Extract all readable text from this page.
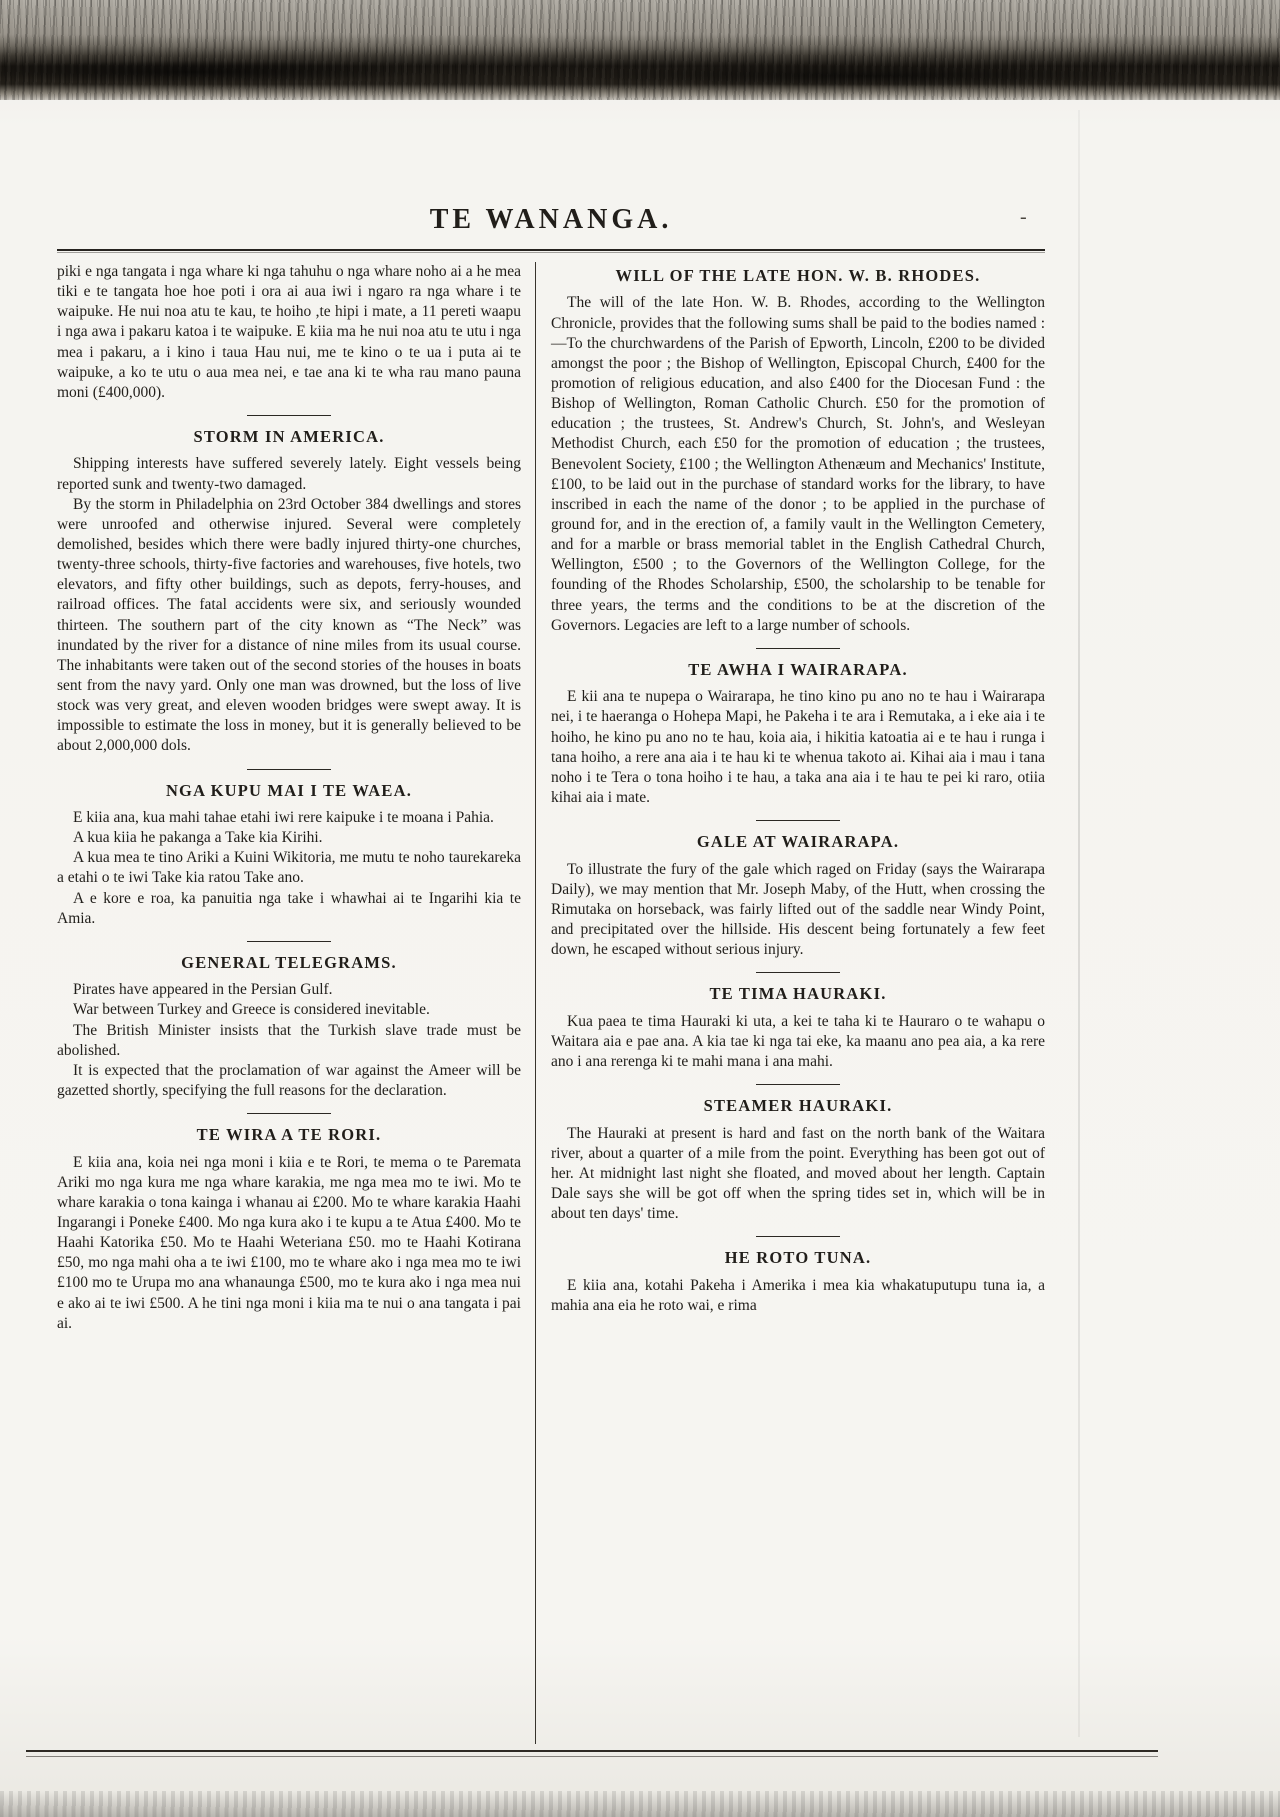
TE WANANGA.	-

piki e nga tangata i nga whare ki nga tahuhu o nga whare noho ai a he mea tiki e te tangata hoe hoe poti i ora ai aua iwi i ngaro ra nga whare i te waipuke. He nui noa atu te kau, te hoiho ,te hipi i mate, a 11 pereti waapu i nga awa i pakaru katoa i te waipuke. E kiia ma he nui noa atu te utu i nga mea i pakaru, a i kino i taua Hau nui, me te kino o te ua i puta ai te waipuke, a ko te utu o aua mea nei, e tae ana ki te wha rau mano pauna moni (£400,000).

STORM IN AMERICA.

Shipping interests have suffered severely lately. Eight vessels being reported sunk and twenty-two damaged.

By the storm in Philadelphia on 23rd October 384 dwellings and stores were unroofed and otherwise injured. Several were completely demolished, besides which there were badly injured thirty-one churches, twenty-three schools, thirty-five factories and warehouses, five hotels, two elevators, and fifty other buildings, such as depots, ferry-houses, and railroad offices. The fatal accidents were six, and seriously wounded thirteen. The southern part of the city known as “The Neck” was inundated by the river for a distance of nine miles from its usual course. The inhabitants were taken out of the second stories of the houses in boats sent from the navy yard. Only one man was drowned, but the loss of live stock was very great, and eleven wooden bridges were swept away. It is impossible to estimate the loss in money, but it is generally believed to be about 2,000,000 dols.

NGA KUPU MAI I TE WAEA.

E kiia ana, kua mahi tahae etahi iwi rere kaipuke i te moana i Pahia.

A kua kiia he pakanga a Take kia Kirihi.

A kua mea te tino Ariki a Kuini Wikitoria, me mutu te noho taurekareka a etahi o te iwi Take kia ratou Take ano.

A e kore e roa, ka panuitia nga take i whawhai ai te Ingarihi kia te Amia.

GENERAL TELEGRAMS.

Pirates have appeared in the Persian Gulf.

War between Turkey and Greece is considered inevitable.

The British Minister insists that the Turkish slave trade must be abolished.

It is expected that the proclamation of war against the Ameer will be gazetted shortly, specifying the full reasons for the declaration.

TE WIRA A TE RORI.

E kiia ana, koia nei nga moni i kiia e te Rori, te mema o te Paremata Ariki mo nga kura me nga whare karakia, me nga mea mo te iwi. Mo te whare karakia o tona kainga i whanau ai £200. Mo te whare karakia Haahi Ingarangi i Poneke £400. Mo nga kura ako i te kupu a te Atua £400. Mo te Haahi Katorika £50. Mo te Haahi Weteriana £50. mo te Haahi Kotirana £50, mo nga mahi oha a te iwi £100, mo te whare ako i nga mea mo te iwi £100 mo te Urupa mo ana whanaunga £500, mo te kura ako i nga mea nui e ako ai te iwi £500. A he tini nga moni i kiia ma te nui o ana tangata i pai ai.

WILL OF THE LATE HON. W. B. RHODES.

The will of the late Hon. W. B. Rhodes, according to the Wellington Chronicle, provides that the following sums shall be paid to the bodies named :—To the churchwardens of the Parish of Epworth, Lincoln, £200 to be divided amongst the poor ; the Bishop of Wellington, Episcopal Church, £400 for the promotion of religious education, and also £400 for the Diocesan Fund : the Bishop of Wellington, Roman Catholic Church. £50 for the promotion of education ; the trustees, St. Andrew's Church, St. John's, and Wesleyan Methodist Church, each £50 for the promotion of education ; the trustees, Benevolent Society, £100 ; the Wellington Athenæum and Mechanics' Institute, £100, to be laid out in the purchase of standard works for the library, to have inscribed in each the name of the donor ; to be applied in the purchase of ground for, and in the erection of, a family vault in the Wellington Cemetery, and for a marble or brass memorial tablet in the English Cathedral Church, Wellington, £500 ; to the Governors of the Wellington College, for the founding of the Rhodes Scholarship, £500, the scholarship to be tenable for three years, the terms and the conditions to be at the discretion of the Governors. Legacies are left to a large number of schools.

TE AWHA I WAIRARAPA.

E kii ana te nupepa o Wairarapa, he tino kino pu ano no te hau i Wairarapa nei, i te haeranga o Hohepa Mapi, he Pakeha i te ara i Remutaka, a i eke aia i te hoiho, he kino pu ano no te hau, koia aia, i hikitia katoatia ai e te hau i runga i tana hoiho, a rere ana aia i te hau ki te whenua takoto ai. Kihai aia i mau i tana noho i te Tera o tona hoiho i te hau, a taka ana aia i te hau te pei ki raro, otiia kihai aia i mate.

GALE AT WAIRARAPA.

To illustrate the fury of the gale which raged on Friday (says the Wairarapa Daily), we may mention that Mr. Joseph Maby, of the Hutt, when crossing the Rimutaka on horseback, was fairly lifted out of the saddle near Windy Point, and precipitated over the hillside. His descent being fortunately a few feet down, he escaped without serious injury.

TE TIMA HAURAKI.

Kua paea te tima Hauraki ki uta, a kei te taha ki te Hauraro o te wahapu o Waitara aia e pae ana. A kia tae ki nga tai eke, ka maanu ano pea aia, a ka rere ano i ana rerenga ki te mahi mana i ana mahi.

STEAMER HAURAKI.

The Hauraki at present is hard and fast on the north bank of the Waitara river, about a quarter of a mile from the point. Everything has been got out of her. At midnight last night she floated, and moved about her length. Captain Dale says she will be got off when the spring tides set in, which will be in about ten days' time.

HE ROTO TUNA.

E kiia ana, kotahi Pakeha i Amerika i mea kia whakatuputupu tuna ia, a mahia ana eia he roto wai, e rima
